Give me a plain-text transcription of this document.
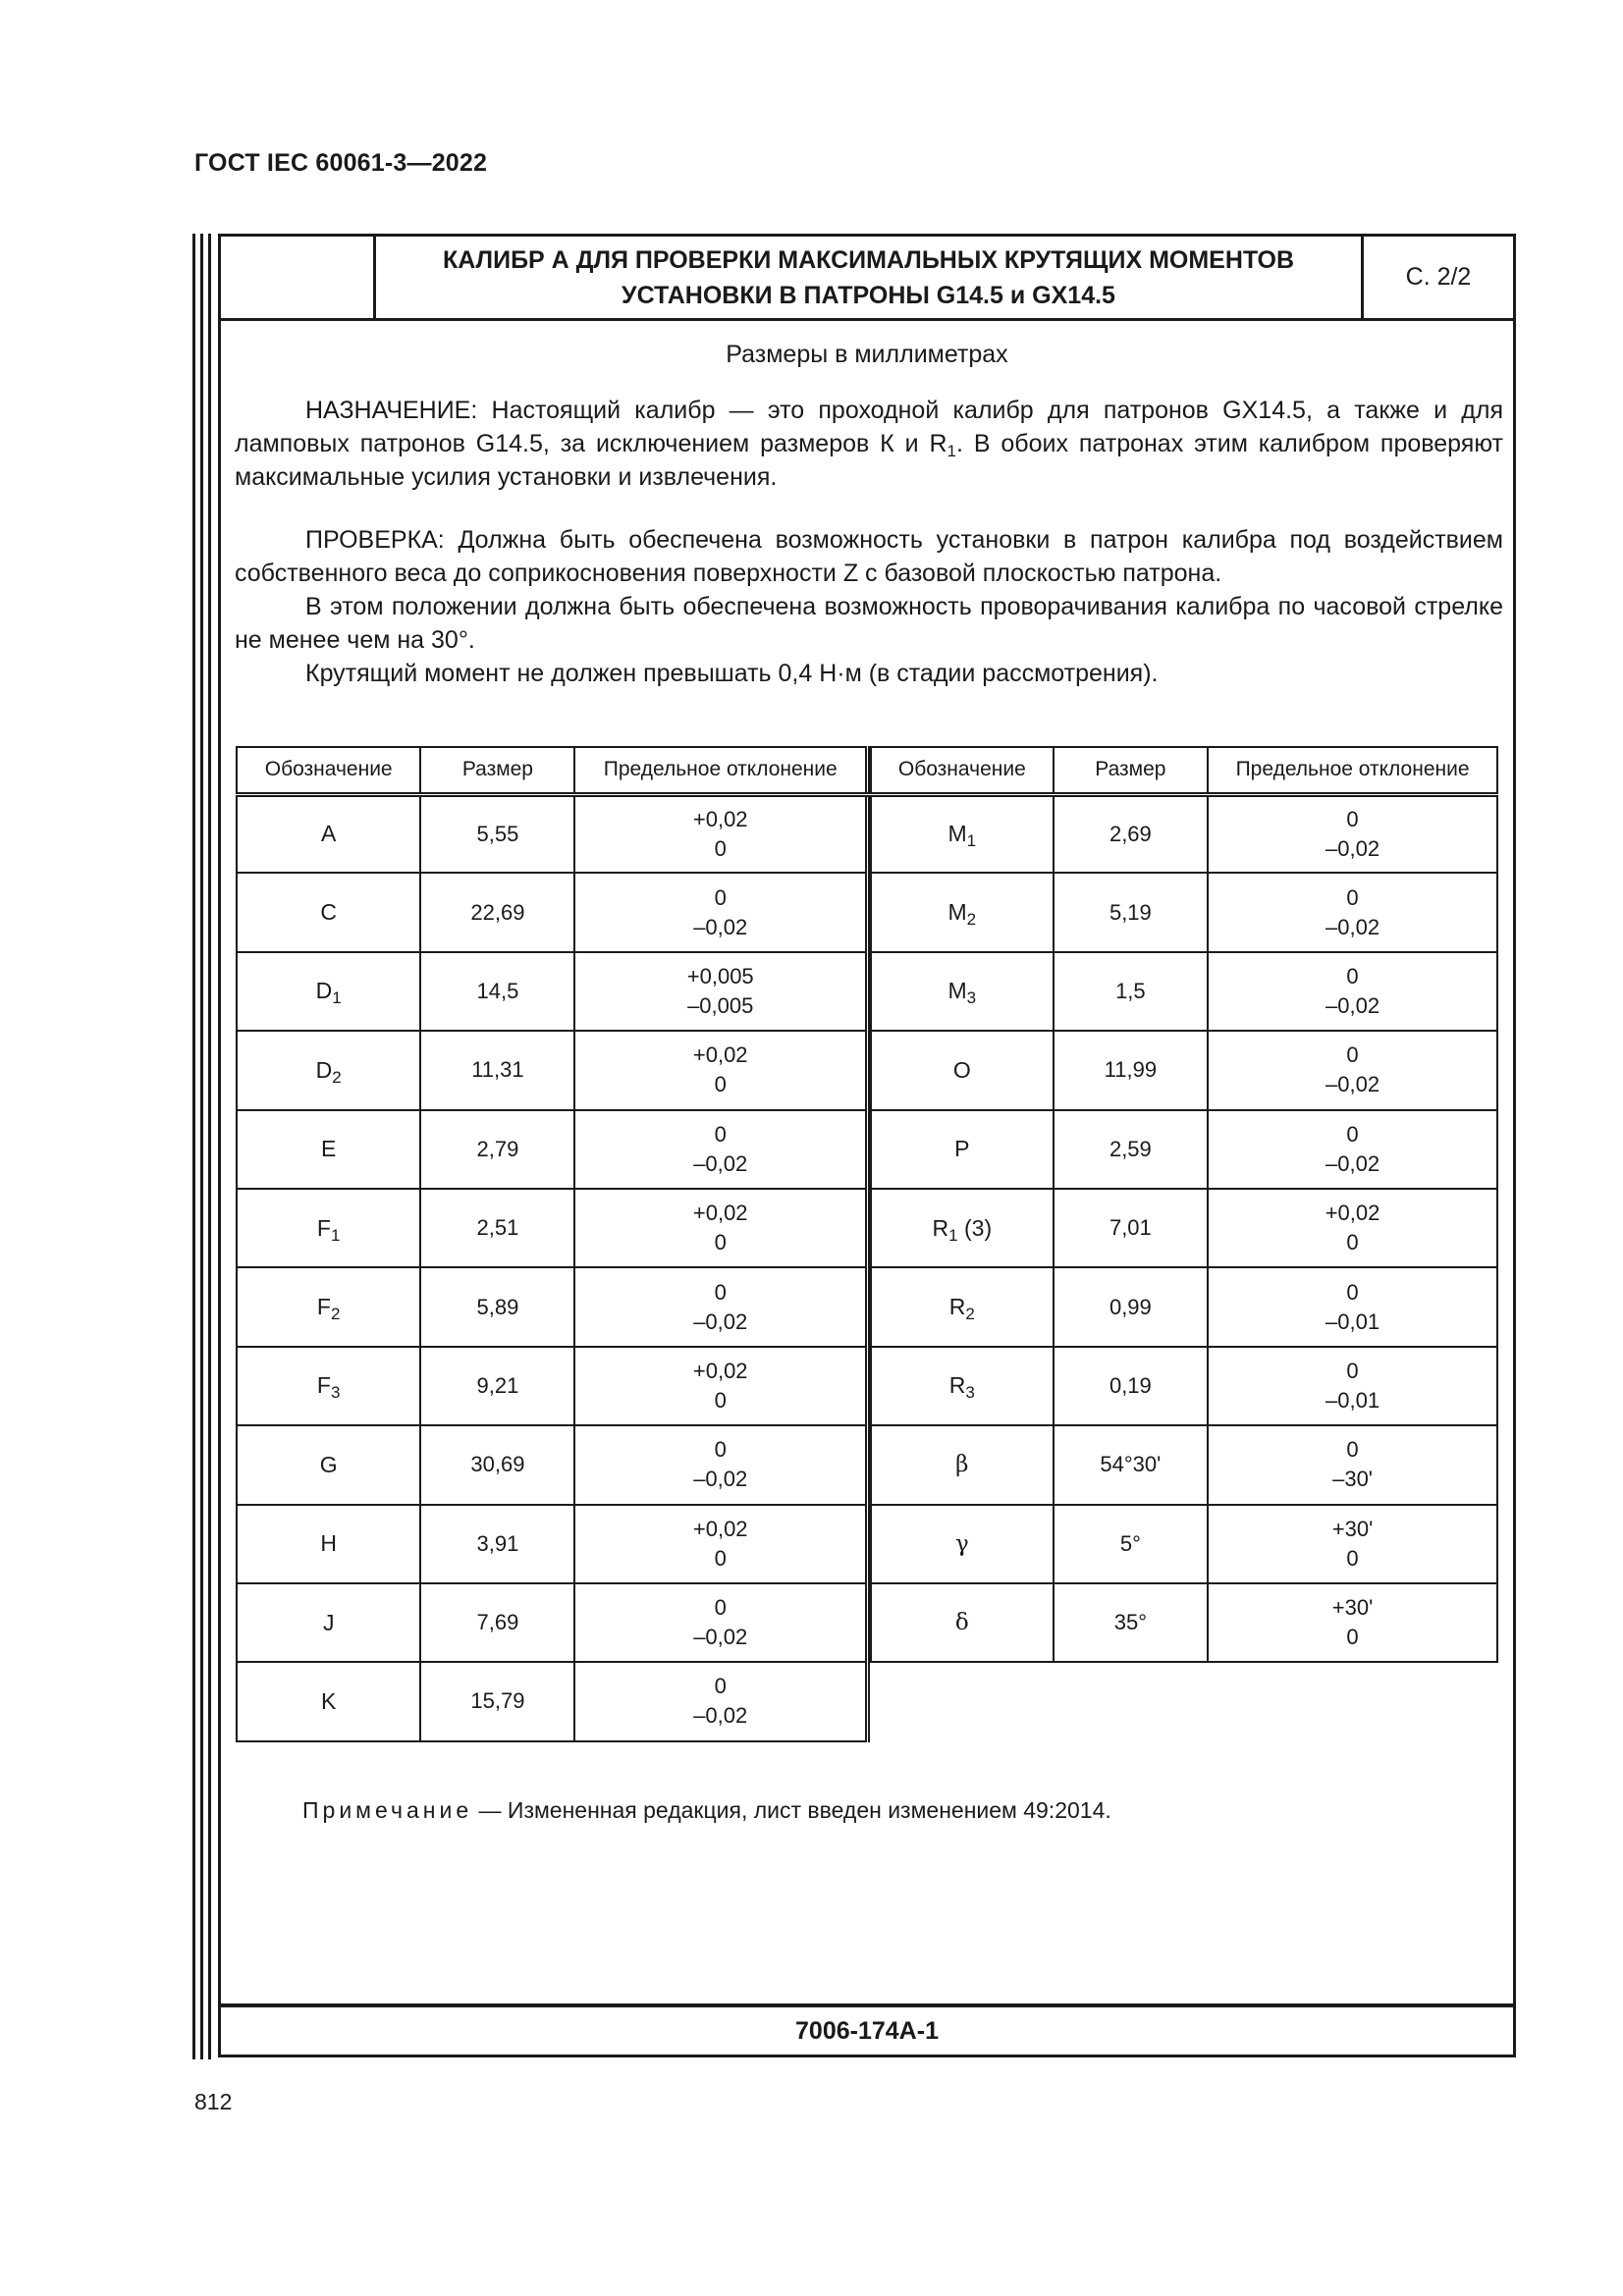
ГОСТ IEC 60061-3—2022
КАЛИБР А ДЛЯ ПРОВЕРКИ МАКСИМАЛЬНЫХ КРУТЯЩИХ МОМЕНТОВ
УСТАНОВКИ В ПАТРОНЫ G14.5 и GX14.5
С. 2/2
Размеры в миллиметрах

НАЗНАЧЕНИЕ: Настоящий калибр — это проходной калибр для патронов GX14.5, а также и для ламповых патронов G14.5, за исключением размеров К и $R_1$. В обоих патронах этим калибром проверяют максимальные усилия установки и извлечения.

ПРОВЕРКА: Должна быть обеспечена возможность установки в патрон калибра под воздействием собственного веса до соприкосновения поверхности Z с базовой плоскостью патрона.

В этом положении должна быть обеспечена возможность проворачивания калибра по часовой стрелке не менее чем на 30°.

Крутящий момент не должен превышать 0,4 Н·м (в стадии рассмотрения).

7006-174A-1
Обозначение	Размер	Предельное отклонение
A	5,55	+0,02
0

C	22,69	0
–0,02

$D_1$	14,5	+0,005
–0,005

$D_2$	11,31	+0,02
0

E	2,79	0
–0,02

$F_1$	2,51	+0,02
0

$F_2$	5,89	0
–0,02

$F_3$	9,21	+0,02
0

G	30,69	0
–0,02

H	3,91	+0,02
0

J	7,69	0
–0,02

K	15,79	0
–0,02
Обозначение	Размер	Предельное отклонение
$M_1$	2,69	0
–0,02

$M_2$	5,19	0
–0,02

$M_3$	1,5	0
–0,02

O	11,99	0
–0,02

P	2,59	0
–0,02

$R_1$ (3)	7,01	+0,02
0

$R_2$	0,99	0
–0,01

$R_3$	0,19	0
–0,01

β	54°30'	0
–30'

γ	5°	+30'
0

δ	35°	+30'
0
Примечание — Измененная редакция, лист введен изменением 49:2014.
812
